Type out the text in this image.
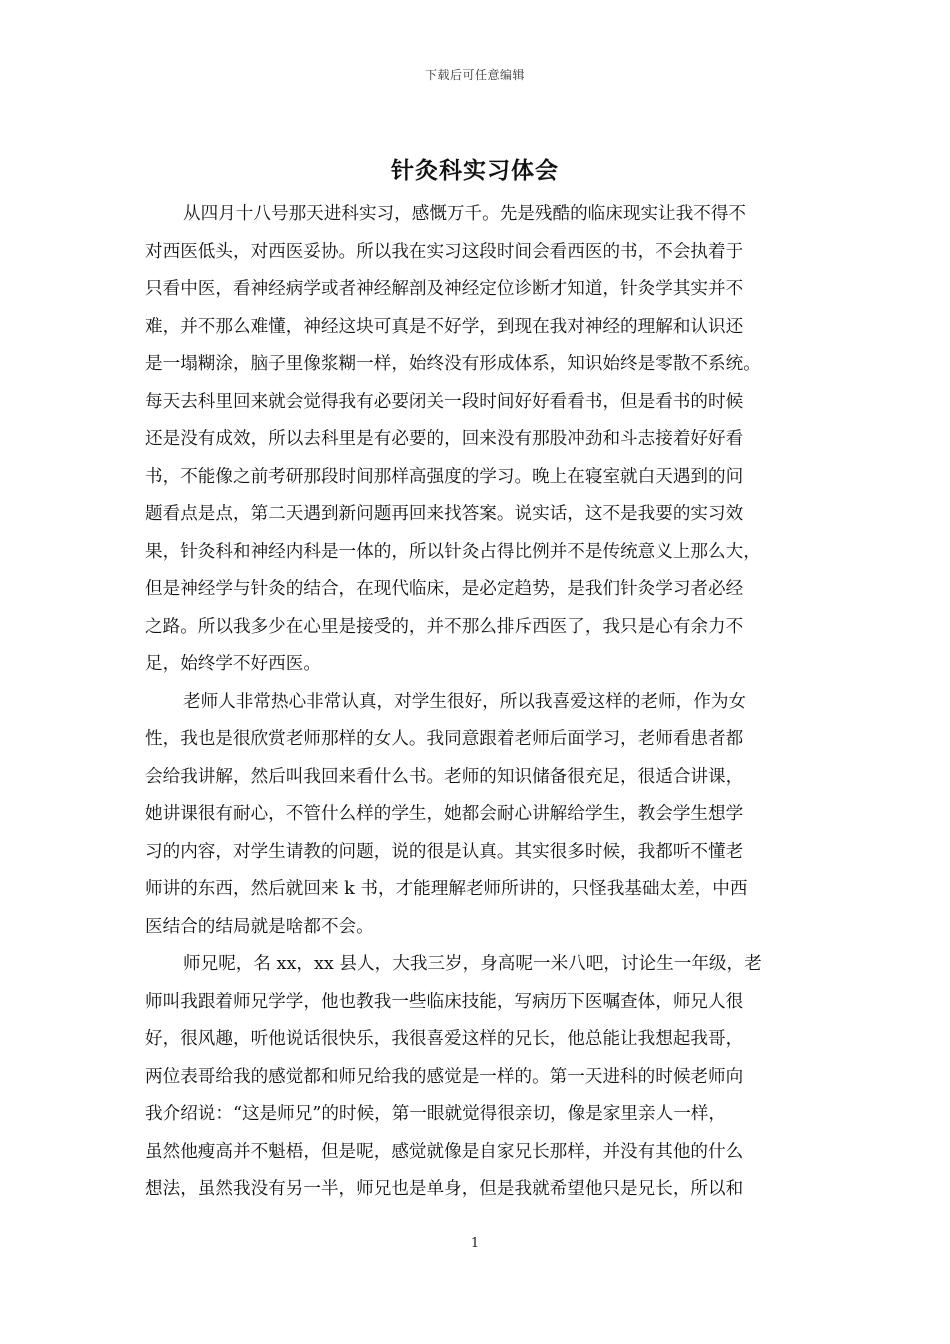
下载后可任意编辑
针灸科实习体会
从四月十八号那天进科实习，感慨万千。先是残酷的临床现实让我不得不
对西医低头，对西医妥协。所以我在实习这段时间会看西医的书，不会执着于
只看中医，看神经病学或者神经解剖及神经定位诊断才知道，针灸学其实并不
难，并不那么难懂，神经这块可真是不好学，到现在我对神经的理解和认识还
是一塌糊涂，脑子里像浆糊一样，始终没有形成体系，知识始终是零散不系统。
每天去科里回来就会觉得我有必要闭关一段时间好好看看书，但是看书的时候
还是没有成效，所以去科里是有必要的，回来没有那股冲劲和斗志接着好好看
书，不能像之前考研那段时间那样高强度的学习。晚上在寝室就白天遇到的问
题看点是点，第二天遇到新问题再回来找答案。说实话，这不是我要的实习效
果，针灸科和神经内科是一体的，所以针灸占得比例并不是传统意义上那么大，
但是神经学与针灸的结合，在现代临床，是必定趋势，是我们针灸学习者必经
之路。所以我多少在心里是接受的，并不那么排斥西医了，我只是心有余力不
足，始终学不好西医。
老师人非常热心非常认真，对学生很好，所以我喜爱这样的老师，作为女
性，我也是很欣赏老师那样的女人。我同意跟着老师后面学习，老师看患者都
会给我讲解，然后叫我回来看什么书。老师的知识储备很充足，很适合讲课，
她讲课很有耐心，不管什么样的学生，她都会耐心讲解给学生，教会学生想学
习的内容，对学生请教的问题，说的很是认真。其实很多时候，我都听不懂老
师讲的东西，然后就回来 k 书，才能理解老师所讲的，只怪我基础太差，中西
医结合的结局就是啥都不会。
师兄呢，名 xx，xx 县人，大我三岁，身高呢一米八吧，讨论生一年级，老
师叫我跟着师兄学学，他也教我一些临床技能，写病历下医嘱查体，师兄人很
好，很风趣，听他说话很快乐，我很喜爱这样的兄长，他总能让我想起我哥，
两位表哥给我的感觉都和师兄给我的感觉是一样的。第一天进科的时候老师向
我介绍说：“这是师兄”的时候，第一眼就觉得很亲切，像是家里亲人一样，
虽然他瘦高并不魁梧，但是呢，感觉就像是自家兄长那样，并没有其他的什么
想法，虽然我没有另一半，师兄也是单身，但是我就希望他只是兄长，所以和
1
